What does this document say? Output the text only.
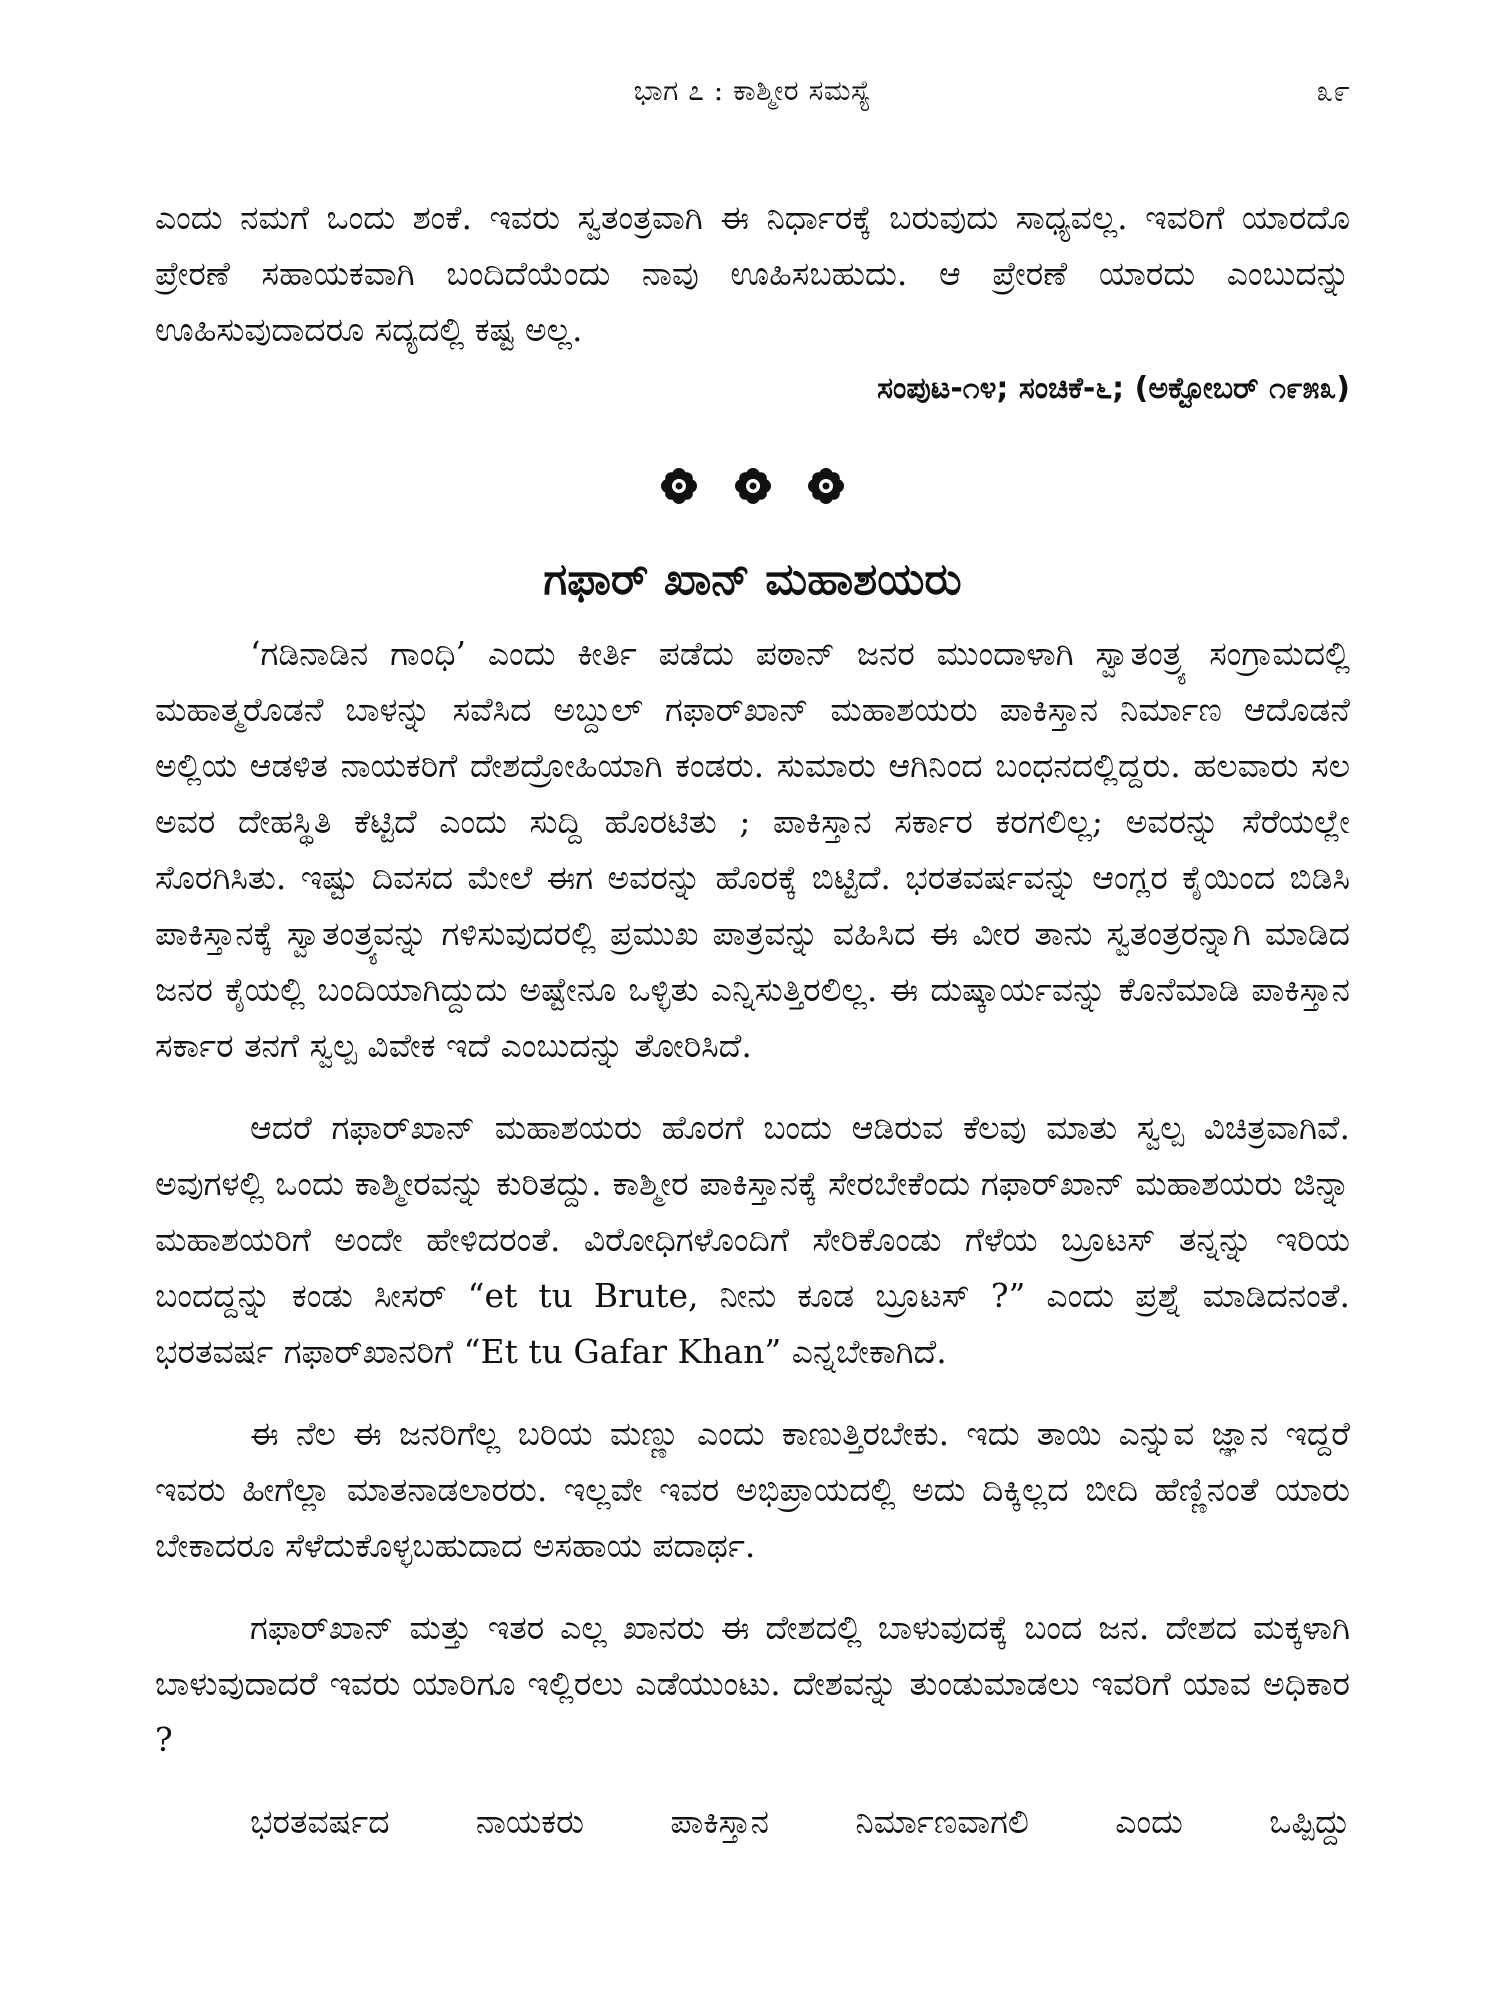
ಭಾಗ ೭ : ಕಾಶ್ಮೀರ ಸಮಸ್ಯೆ	೩೯

ಎಂದು ನಮಗೆ ಒಂದು ಶಂಕೆ. ಇವರು ಸ್ವತಂತ್ರವಾಗಿ ಈ ನಿರ್ಧಾರಕ್ಕೆ ಬರುವುದು ಸಾಧ್ಯವಲ್ಲ. ಇವರಿಗೆ ಯಾರದೊ ಪ್ರೇರಣೆ ಸಹಾಯಕವಾಗಿ ಬಂದಿದೆಯೆಂದು ನಾವು ಊಹಿಸಬಹುದು. ಆ ಪ್ರೇರಣೆ ಯಾರದು ಎಂಬುದನ್ನು ಊಹಿಸುವುದಾದರೂ ಸದ್ಯದಲ್ಲಿ ಕಷ್ಟ ಅಲ್ಲ.

ಸಂಪುಟ-೧೪; ಸಂಚಿಕೆ-೬; (ಅಕ್ಟೋಬರ್ ೧೯೫೩)

ಗಫಾರ್ ಖಾನ್ ಮಹಾಶಯರು

‘ಗಡಿನಾಡಿನ ಗಾಂಧಿ’ ಎಂದು ಕೀರ್ತಿ ಪಡೆದು ಪಠಾನ್ ಜನರ ಮುಂದಾಳಾಗಿ ಸ್ವಾತಂತ್ರ್ಯ ಸಂಗ್ರಾಮದಲ್ಲಿ ಮಹಾತ್ಮರೊಡನೆ ಬಾಳನ್ನು ಸವೆಸಿದ ಅಬ್ದುಲ್ ಗಫಾರ್‌ಖಾನ್ ಮಹಾಶಯರು ಪಾಕಿಸ್ತಾನ ನಿರ್ಮಾಣ ಆದೊಡನೆ ಅಲ್ಲಿಯ ಆಡಳಿತ ನಾಯಕರಿಗೆ ದೇಶದ್ರೋಹಿಯಾಗಿ ಕಂಡರು. ಸುಮಾರು ಆಗಿನಿಂದ ಬಂಧನದಲ್ಲಿದ್ದರು. ಹಲವಾರು ಸಲ ಅವರ ದೇಹಸ್ಥಿತಿ ಕೆಟ್ಟಿದೆ ಎಂದು ಸುದ್ದಿ ಹೊರಟಿತು ; ಪಾಕಿಸ್ತಾನ ಸರ್ಕಾರ ಕರಗಲಿಲ್ಲ; ಅವರನ್ನು ಸೆರೆಯಲ್ಲೇ ಸೊರಗಿಸಿತು. ಇಷ್ಟು ದಿವಸದ ಮೇಲೆ ಈಗ ಅವರನ್ನು ಹೊರಕ್ಕೆ ಬಿಟ್ಟಿದೆ. ಭರತವರ್ಷವನ್ನು ಆಂಗ್ಲರ ಕೈಯಿಂದ ಬಿಡಿಸಿ ಪಾಕಿಸ್ತಾನಕ್ಕೆ ಸ್ವಾತಂತ್ರ್ಯವನ್ನು ಗಳಿಸುವುದರಲ್ಲಿ ಪ್ರಮುಖ ಪಾತ್ರವನ್ನು ವಹಿಸಿದ ಈ ವೀರ ತಾನು ಸ್ವತಂತ್ರರನ್ನಾಗಿ ಮಾಡಿದ ಜನರ ಕೈಯಲ್ಲಿ ಬಂದಿಯಾಗಿದ್ದುದು ಅಷ್ಟೇನೂ ಒಳ್ಳಿತು ಎನ್ನಿಸುತ್ತಿರಲಿಲ್ಲ. ಈ ದುಷ್ಕಾರ್ಯವನ್ನು ಕೊನೆಮಾಡಿ ಪಾಕಿಸ್ತಾನ ಸರ್ಕಾರ ತನಗೆ ಸ್ವಲ್ಪ ವಿವೇಕ ಇದೆ ಎಂಬುದನ್ನು ತೋರಿಸಿದೆ.

ಆದರೆ ಗಫಾರ್‌ಖಾನ್ ಮಹಾಶಯರು ಹೊರಗೆ ಬಂದು ಆಡಿರುವ ಕೆಲವು ಮಾತು ಸ್ವಲ್ಪ ವಿಚಿತ್ರವಾಗಿವೆ. ಅವುಗಳಲ್ಲಿ ಒಂದು ಕಾಶ್ಮೀರವನ್ನು ಕುರಿತದ್ದು. ಕಾಶ್ಮೀರ ಪಾಕಿಸ್ತಾನಕ್ಕೆ ಸೇರಬೇಕೆಂದು ಗಫಾರ್‌ಖಾನ್ ಮಹಾಶಯರು ಜಿನ್ನಾ ಮಹಾಶಯರಿಗೆ ಅಂದೇ ಹೇಳಿದರಂತೆ. ವಿರೋಧಿಗಳೊಂದಿಗೆ ಸೇರಿಕೊಂಡು ಗೆಳೆಯ ಬ್ರೂಟಸ್ ತನ್ನನ್ನು ಇರಿಯ ಬಂದದ್ದನ್ನು ಕಂಡು ಸೀಸರ್ “et tu Brute, ನೀನು ಕೂಡ ಬ್ರೂಟಸ್ ?” ಎಂದು ಪ್ರಶ್ನೆ ಮಾಡಿದನಂತೆ. ಭರತವರ್ಷ ಗಫಾರ್‌ಖಾನರಿಗೆ “Et tu Gafar Khan” ಎನ್ನಬೇಕಾಗಿದೆ.

ಈ ನೆಲ ಈ ಜನರಿಗೆಲ್ಲ ಬರಿಯ ಮಣ್ಣು ಎಂದು ಕಾಣುತ್ತಿರಬೇಕು. ಇದು ತಾಯಿ ಎನ್ನುವ ಜ್ಞಾನ ಇದ್ದರೆ ಇವರು ಹೀಗೆಲ್ಲಾ ಮಾತನಾಡಲಾರರು. ಇಲ್ಲವೇ ಇವರ ಅಭಿಪ್ರಾಯದಲ್ಲಿ ಅದು ದಿಕ್ಕಿಲ್ಲದ ಬೀದಿ ಹೆಣ್ಣಿನಂತೆ ಯಾರು ಬೇಕಾದರೂ ಸೆಳೆದುಕೊಳ್ಳಬಹುದಾದ ಅಸಹಾಯ ಪದಾರ್ಥ.

ಗಫಾರ್‌ಖಾನ್ ಮತ್ತು ಇತರ ಎಲ್ಲ ಖಾನರು ಈ ದೇಶದಲ್ಲಿ ಬಾಳುವುದಕ್ಕೆ ಬಂದ ಜನ. ದೇಶದ ಮಕ್ಕಳಾಗಿ ಬಾಳುವುದಾದರೆ ಇವರು ಯಾರಿಗೂ ಇಲ್ಲಿರಲು ಎಡೆಯುಂಟು. ದೇಶವನ್ನು ತುಂಡುಮಾಡಲು ಇವರಿಗೆ ಯಾವ ಅಧಿಕಾರ ?

ಭರತವರ್ಷದ ನಾಯಕರು ಪಾಕಿಸ್ತಾನ ನಿರ್ಮಾಣವಾಗಲಿ ಎಂದು ಒಪ್ಪಿದ್ದು
